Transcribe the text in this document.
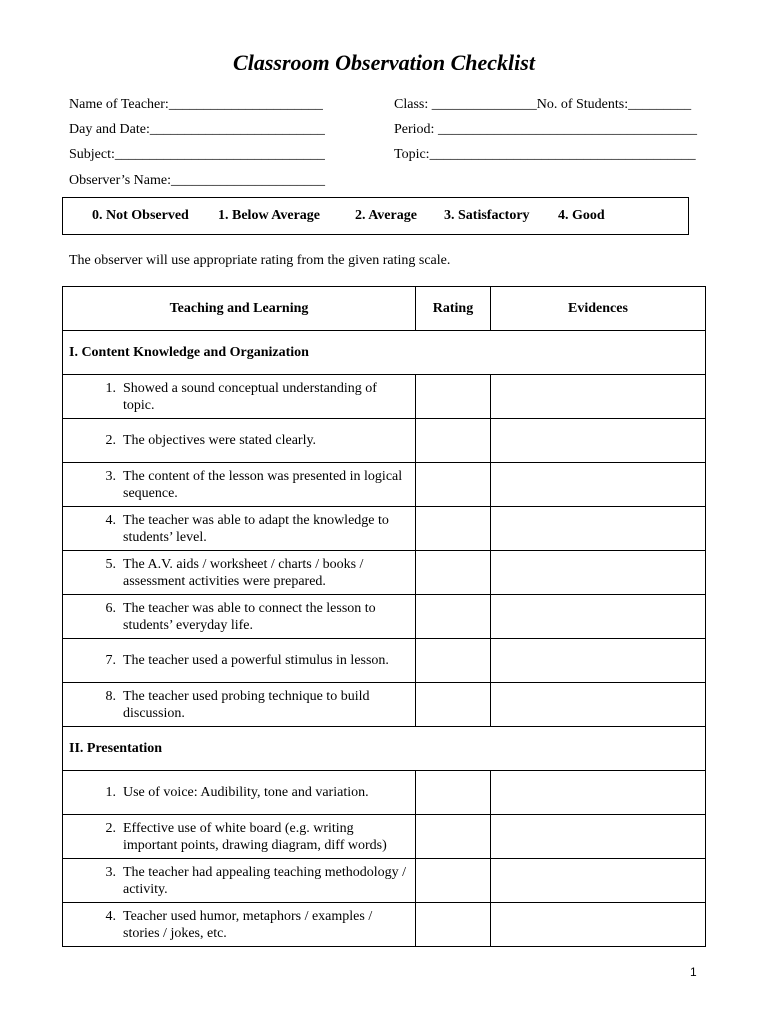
Classroom Observation Checklist
Name of Teacher:______________________	Class: _______________No. of Students:_________
Day and Date:_________________________	Period: _____________________________________
Subject:______________________________	Topic:______________________________________
Observer’s Name:______________________
0. Not Observed 1. Below Average	2. Average 3. Satisfactory 4. Good
The observer will use appropriate rating from the given rating scale.
Teaching and Learning	Rating	Evidences
I. Content Knowledge and Organization		

1. Showed a sound conceptual understanding of topic.		

2. The objectives were stated clearly.		

3. The content of the lesson was presented in logical sequence.		

4. The teacher was able to adapt the knowledge to students’ level.		

5. The A.V. aids / worksheet / charts / books / assessment activities were prepared.		

6. The teacher was able to connect the lesson to students’ everyday life.		

7. The teacher used a powerful stimulus in lesson.		

8. The teacher used probing technique to build discussion.		

II. Presentation		

1. Use of voice: Audibility, tone and variation.		

2. Effective use of white board (e.g. writing important points, drawing diagram, diff words)		

3. The teacher had appealing teaching methodology / activity.		

4. Teacher used humor, metaphors / examples / stories / jokes, etc.		

1
